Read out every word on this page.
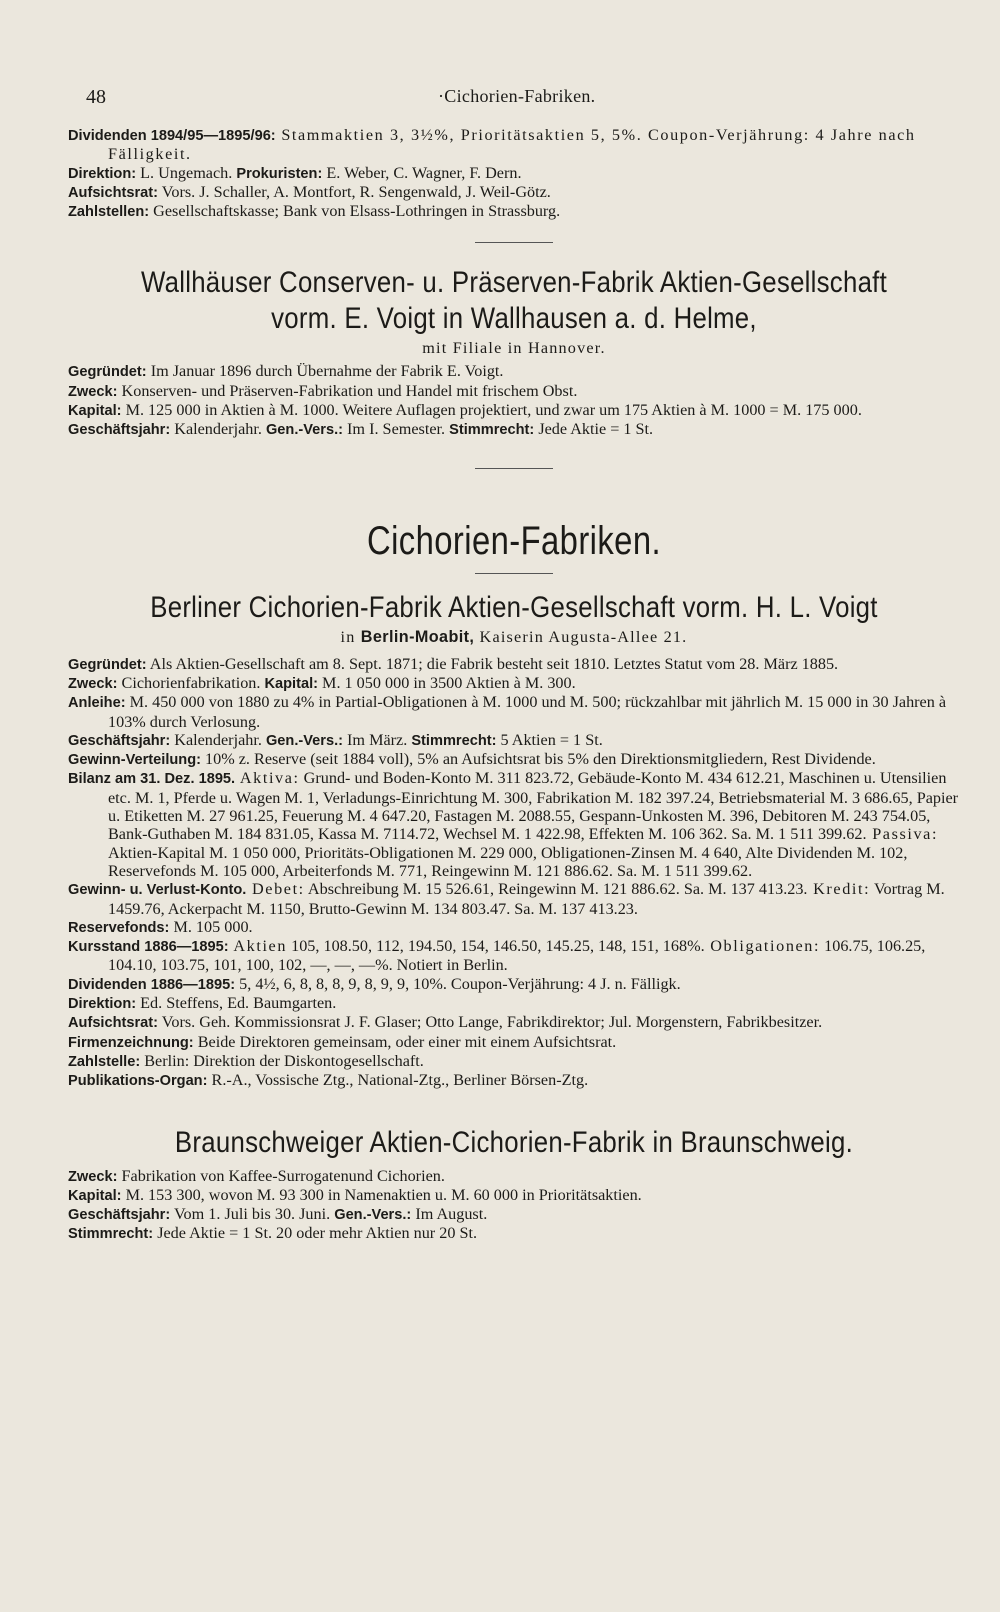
48	·Cichorien-Fabriken.

Dividenden 1894/95—1895/96: Stammaktien 3, 3½%, Prioritätsaktien 5, 5%. Coupon-Verjährung: 4 Jahre nach Fälligkeit.

Direktion: L. Ungemach. Prokuristen: E. Weber, C. Wagner, F. Dern.

Aufsichtsrat: Vors. J. Schaller, A. Montfort, R. Sengenwald, J. Weil-Götz.

Zahlstellen: Gesellschaftskasse; Bank von Elsass-Lothringen in Strassburg.

Wallhäuser Conserven- u. Präserven-Fabrik Aktien-Gesellschaft

vorm. E. Voigt in Wallhausen a. d. Helme,

mit Filiale in Hannover.

Gegründet: Im Januar 1896 durch Übernahme der Fabrik E. Voigt.

Zweck: Konserven- und Präserven-Fabrikation und Handel mit frischem Obst.

Kapital: M. 125 000 in Aktien à M. 1000. Weitere Auflagen projektiert, und zwar um 175 Aktien à M. 1000 = M. 175 000.

Geschäftsjahr: Kalenderjahr. Gen.-Vers.: Im I. Semester. Stimmrecht: Jede Aktie = 1 St.

Cichorien-Fabriken.

Berliner Cichorien-Fabrik Aktien-Gesellschaft vorm. H. L. Voigt

in Berlin-Moabit, Kaiserin Augusta-Allee 21.

Gegründet: Als Aktien-Gesellschaft am 8. Sept. 1871; die Fabrik besteht seit 1810. Letztes Statut vom 28. März 1885.

Zweck: Cichorienfabrikation. Kapital: M. 1 050 000 in 3500 Aktien à M. 300.

Anleihe: M. 450 000 von 1880 zu 4% in Partial-Obligationen à M. 1000 und M. 500; rückzahlbar mit jährlich M. 15 000 in 30 Jahren à 103% durch Verlosung.

Geschäftsjahr: Kalenderjahr. Gen.-Vers.: Im März. Stimmrecht: 5 Aktien = 1 St.

Gewinn-Verteilung: 10% z. Reserve (seit 1884 voll), 5% an Aufsichtsrat bis 5% den Direktionsmitgliedern, Rest Dividende.

Bilanz am 31. Dez. 1895. Aktiva: Grund- und Boden-Konto M. 311 823.72, Gebäude-Konto M. 434 612.21, Maschinen u. Utensilien etc. M. 1, Pferde u. Wagen M. 1, Verladungs-Einrichtung M. 300, Fabrikation M. 182 397.24, Betriebsmaterial M. 3 686.65, Papier u. Etiketten M. 27 961.25, Feuerung M. 4 647.20, Fastagen M. 2088.55, Gespann-Unkosten M. 396, Debitoren M. 243 754.05, Bank-Guthaben M. 184 831.05, Kassa M. 7114.72, Wechsel M. 1 422.98, Effekten M. 106 362. Sa. M. 1 511 399.62. Passiva: Aktien-Kapital M. 1 050 000, Prioritäts-Obligationen M. 229 000, Obligationen-Zinsen M. 4 640, Alte Dividenden M. 102, Reservefonds M. 105 000, Arbeiterfonds M. 771, Reingewinn M. 121 886.62. Sa. M. 1 511 399.62.

Gewinn- u. Verlust-Konto. Debet: Abschreibung M. 15 526.61, Reingewinn M. 121 886.62. Sa. M. 137 413.23. Kredit: Vortrag M. 1459.76, Ackerpacht M. 1150, Brutto-Gewinn M. 134 803.47. Sa. M. 137 413.23.

Reservefonds: M. 105 000.

Kursstand 1886—1895: Aktien 105, 108.50, 112, 194.50, 154, 146.50, 145.25, 148, 151, 168%. Obligationen: 106.75, 106.25, 104.10, 103.75, 101, 100, 102, —, —, —%. Notiert in Berlin.

Dividenden 1886—1895: 5, 4½, 6, 8, 8, 8, 9, 8, 9, 9, 10%. Coupon-Verjährung: 4 J. n. Fälligk.

Direktion: Ed. Steffens, Ed. Baumgarten.

Aufsichtsrat: Vors. Geh. Kommissionsrat J. F. Glaser; Otto Lange, Fabrikdirektor; Jul. Morgenstern, Fabrikbesitzer.

Firmenzeichnung: Beide Direktoren gemeinsam, oder einer mit einem Aufsichtsrat.

Zahlstelle: Berlin: Direktion der Diskontogesellschaft.

Publikations-Organ: R.-A., Vossische Ztg., National-Ztg., Berliner Börsen-Ztg.

Braunschweiger Aktien-Cichorien-Fabrik in Braunschweig.

Zweck: Fabrikation von Kaffee-Surrogatenund Cichorien.

Kapital: M. 153 300, wovon M. 93 300 in Namenaktien u. M. 60 000 in Prioritätsaktien.

Geschäftsjahr: Vom 1. Juli bis 30. Juni. Gen.-Vers.: Im August.

Stimmrecht: Jede Aktie = 1 St. 20 oder mehr Aktien nur 20 St.
